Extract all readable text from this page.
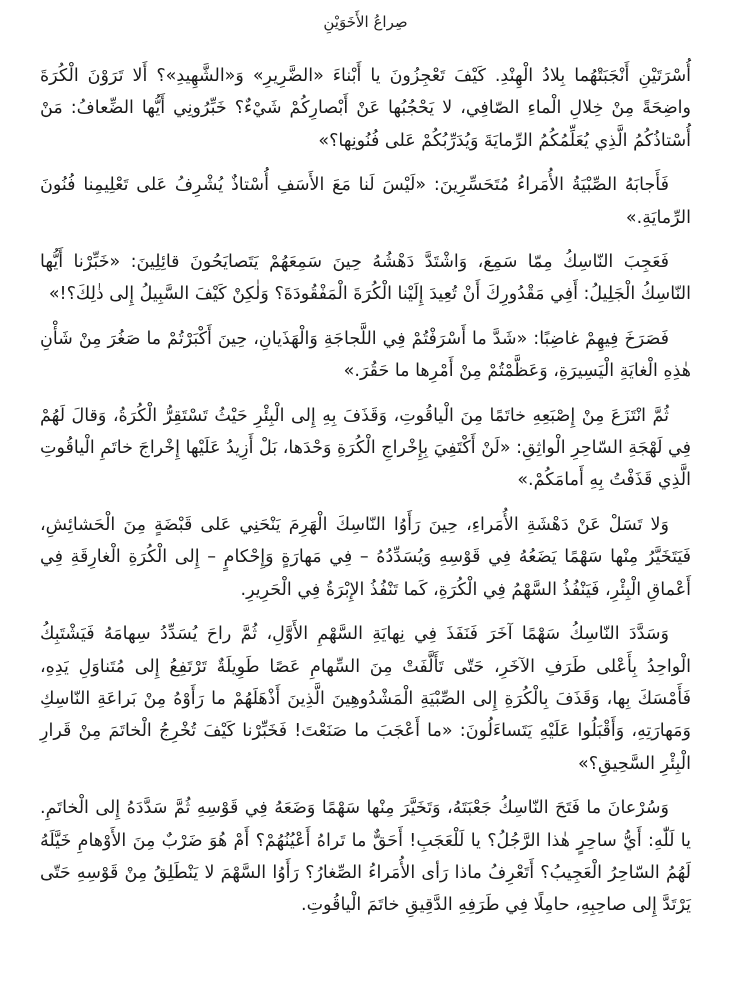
صِراعُ الأَخَوَيْنِ

أُسْرَتَيْنِ أَنْجَبَتْهُما بِلادُ الْهِنْدِ. كَيْفَ تَعْجِزُونَ يا أَبْناءَ «الضَّرِيرِ» وَ«الشَّهِيدِ»؟ أَلا تَرَوْنَ الْكُرَةَ واضِحَةً مِنْ خِلالِ الْماءِ الصّافِي، لا يَحْجُبُها عَنْ أَبْصارِكُمْ شَيْءٌ؟ خَبِّرُونِي أَيُّها الضِّعافُ: مَنْ أُسْتاذُكُمُ الَّذِي يُعَلِّمُكُمُ الرِّمايَةَ وَيُدَرِّبُكُمْ عَلى فُنُونِها؟»

فَأَجابَهُ الصِّبْيَةُ الأُمَراءُ مُتَحَسِّرِينَ: «لَيْسَ لَنا مَعَ الأَسَفِ أُسْتاذٌ يُشْرِفُ عَلى تَعْلِيمِنا فُنُونَ الرِّمايَةِ.»

فَعَجِبَ النّاسِكُ مِمّا سَمِعَ، وَاشْتَدَّ دَهْشُهُ حِينَ سَمِعَهُمْ يَتَصايَحُونَ قائِلِينَ: «خَبِّرْنا أَيُّها النّاسِكُ الْجَلِيلُ: أَفِي مَقْدُورِكَ أَنْ تُعِيدَ إِلَيْنا الْكُرَةَ الْمَفْقُودَةَ؟ وَلٰكِنْ كَيْفَ السَّبِيلُ إِلى ذٰلِكَ؟!»

فَصَرَخَ فِيهِمْ غاضِبًا: «شَدَّ ما أَسْرَفْتُمْ فِي اللَّجاجَةِ وَالْهَذَيانِ، حِينَ أَكْبَرْتُمْ ما صَغُرَ مِنْ شَأْنِ هٰذِهِ الْغايَةِ الْيَسِيرَةِ، وَعَظَّمْتُمْ مِنْ أَمْرِها ما حَقُرَ.»

ثُمَّ انْتَزَعَ مِنْ إِصْبَعِهِ خاتَمًا مِنَ الْياقُوتِ، وَقَذَفَ بِهِ إِلى الْبِئْرِ حَيْثُ تَسْتَقِرُّ الْكُرَةُ، وَقالَ لَهُمْ فِي لَهْجَةِ السّاحِرِ الْواثِقِ: «لَنْ أَكْتَفِيَ بِإِخْراجِ الْكُرَةِ وَحْدَها، بَلْ أَزِيدُ عَلَيْها إِخْراجَ خاتَمِ الْياقُوتِ الَّذِي قَذَفْتُ بِهِ أَمامَكُمْ.»

وَلا تَسَلْ عَنْ دَهْشَةِ الأُمَراءِ، حِينَ رَأَوُا النّاسِكَ الْهَرِمَ يَنْحَنِي عَلى قَبْضَةٍ مِنَ الْحَشائِشِ، فَيَتَخَيَّرُ مِنْها سَهْمًا يَضَعُهُ فِي قَوْسِهِ وَيُسَدِّدُهُ – فِي مَهارَةٍ وَإِحْكامٍ – إِلى الْكُرَةِ الْغارِقَةِ فِي أَعْماقِ الْبِئْرِ، فَيَنْفُذُ السَّهْمُ فِي الْكُرَةِ، كَما تَنْفُذُ الإِبْرَةُ فِي الْحَرِيرِ.

وَسَدَّدَ النّاسِكُ سَهْمًا آخَرَ فَنَفَذَ فِي نِهايَةِ السَّهْمِ الأَوَّلِ، ثُمَّ راحَ يُسَدِّدُ سِهامَهُ فَيَشْتَبِكُ الْواحِدُ بِأَعْلى طَرَفِ الآخَرِ، حَتّى تَأَلَّفَتْ مِنَ السِّهامِ عَصًا طَوِيلَةٌ تَرْتَفِعُ إِلى مُتَناوَلِ يَدِهِ، فَأَمْسَكَ بِها، وَقَذَفَ بِالْكُرَةِ إِلى الصِّبْيَةِ الْمَشْدُوهِينَ الَّذِينَ أَذْهَلَهُمْ ما رَأَوْهُ مِنْ بَراعَةِ النّاسِكِ وَمَهارَتِهِ، وَأَقْبَلُوا عَلَيْهِ يَتَساءَلُونَ: «ما أَعْجَبَ ما صَنَعْتَ! فَخَبِّرْنا كَيْفَ تُخْرِجُ الْخاتَمَ مِنْ قَرارِ الْبِئْرِ السَّحِيقِ؟»

وَسُرْعانَ ما فَتَحَ النّاسِكُ جَعْبَتَهُ، وَتَخَيَّرَ مِنْها سَهْمًا وَضَعَهُ فِي قَوْسِهِ ثُمَّ سَدَّدَهُ إِلى الْخاتَمِ. يا لَلّٰهِ: أَيُّ ساحِرٍ هٰذا الرَّجُلُ؟ يا لَلْعَجَبِ! أَحَقٌّ ما تَراهُ أَعْيُنُهُمْ؟ أَمْ هُوَ ضَرْبٌ مِنَ الأَوْهامِ خَيَّلَهُ لَهُمُ السّاحِرُ الْعَجِيبُ؟ أَتَعْرِفُ ماذا رَأى الأُمَراءُ الصِّغارُ؟ رَأَوُا السَّهْمَ لا يَنْطَلِقُ مِنْ قَوْسِهِ حَتّى يَرْتَدَّ إِلى صاحِبِهِ، حامِلًا فِي طَرَفِهِ الدَّقِيقِ خاتَمَ الْياقُوتِ.
